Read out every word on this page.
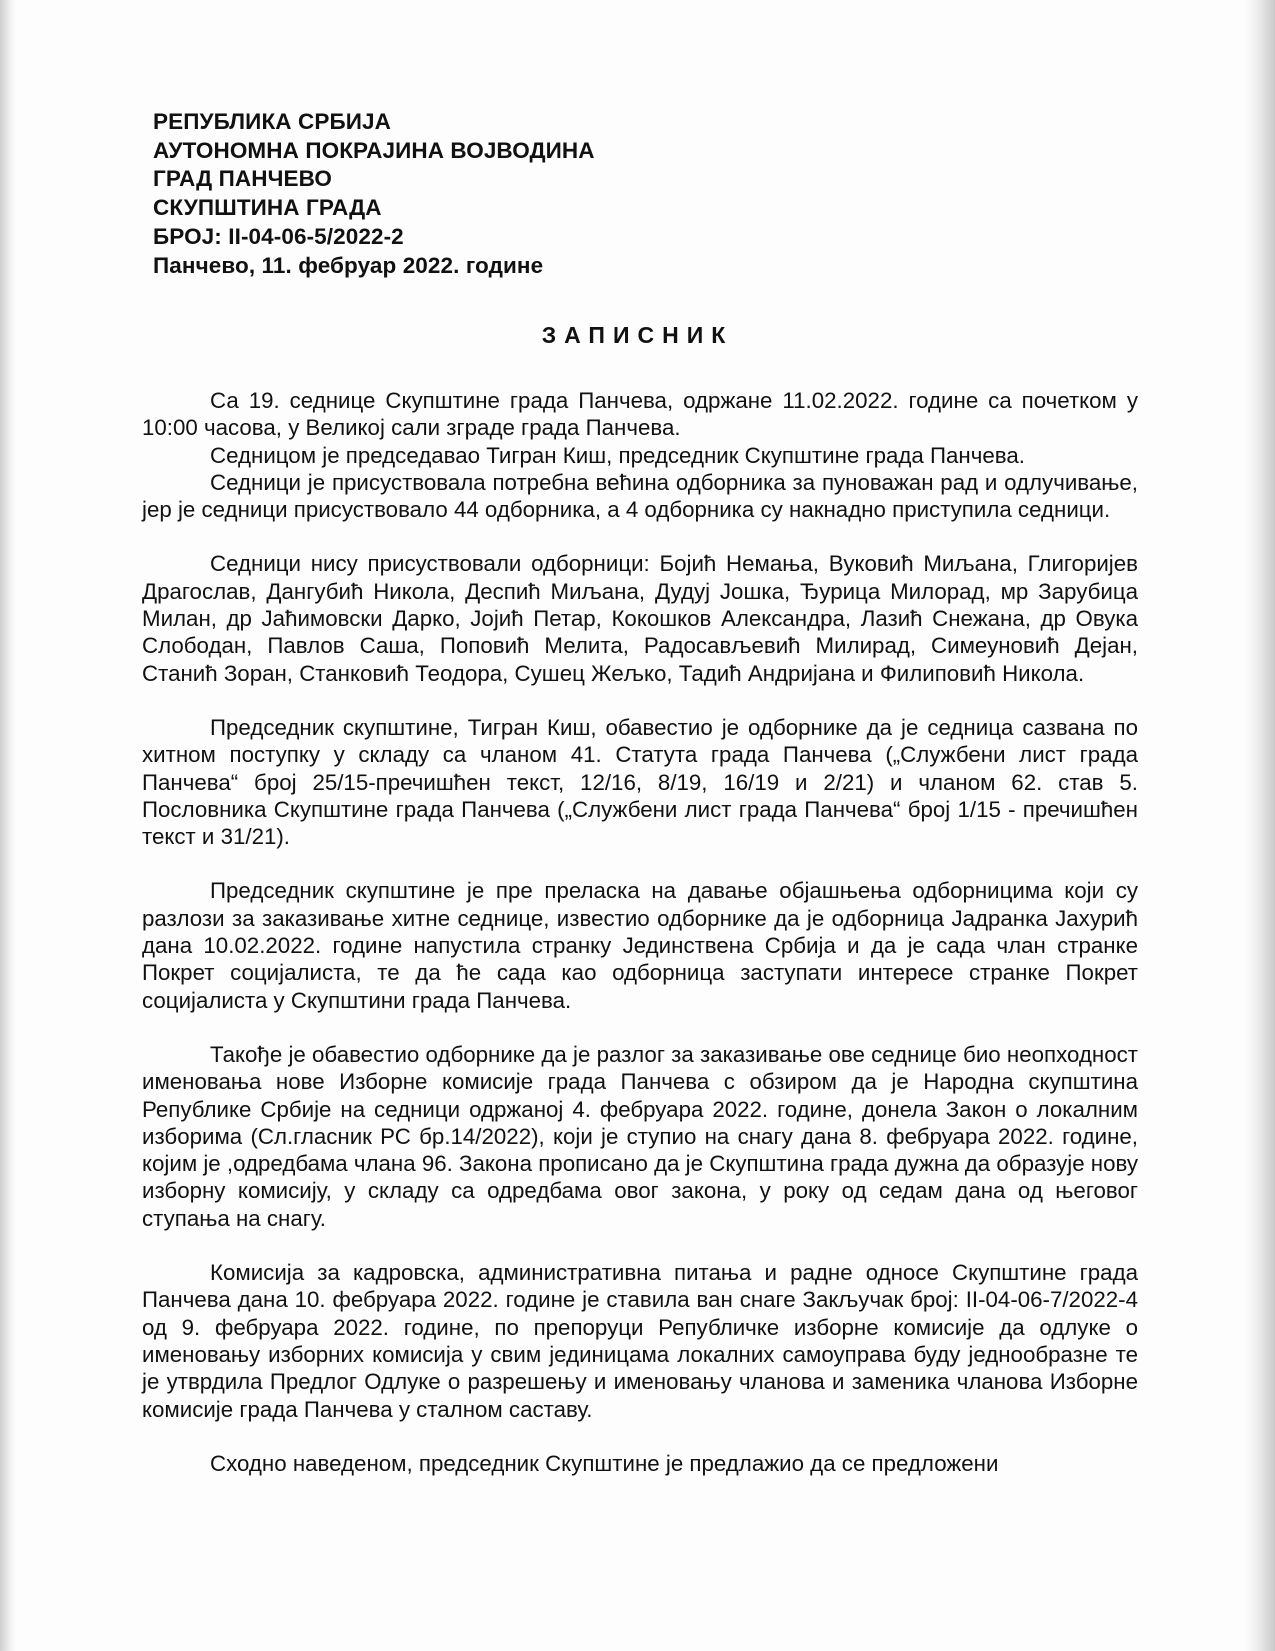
РЕПУБЛИКА СРБИЈА
АУТОНОМНА ПОКРАЈИНА ВОЈВОДИНА
ГРАД ПАНЧЕВО
СКУПШТИНА ГРАДА
БРОЈ: II-04-06-5/2022-2
Панчево, 11. фебруар 2022. године
ЗАПИСНИК

Са 19. седнице Скупштине града Панчева, одржане 11.02.2022. године са почетком у 10:00 часова, у Великој сали зграде града Панчева.

Седницом је председавао Тигран Киш, председник Скупштине града Панчева.

Седници је присуствовала потребна већина одборника за пуноважан рад и одлучивање, јер је седници присуствовало 44 одборника, а 4 одборника су накнадно приступила седници.

Седници нису присуствовали одборници: Бојић Немања, Вуковић Миљана, Глигоријев Драгослав, Дангубић Никола, Деспић Миљана, Дудуј Јошка, Ђурица Милорад, мр Зарубица Милан, др Јаћимовски Дарко, Јојић Петар, Кокошков Александра, Лазић Снежана, др Овука Слободан, Павлов Саша, Поповић Мелита, Радосављевић Милирад, Симеуновић Дејан, Станић Зоран, Станковић Теодора, Сушец Жељко, Тадић Андријана и Филиповић Никола.

Председник скупштине, Тигран Киш, обавестио је одборнике да је седница сазвана по хитном поступку у складу са чланом 41. Статута града Панчева („Службени лист града Панчева“ број 25/15-пречишћен текст, 12/16, 8/19, 16/19 и 2/21) и чланом 62. став 5. Пословника Скупштине града Панчева („Службени лист града Панчева“ број 1/15 - пречишћен текст и 31/21).

Председник скупштине је пре преласка на давање објашњења одборницима који су разлози за заказивање хитне седнице, известио одборнике да је одборница Јадранка Јахурић дана 10.02.2022. године напустила странку Јединствена Србија и да је сада члан странке Покрет социјалиста, те да ће сада као одборница заступати интересе странке Покрет социјалиста у Скупштини града Панчева.

Такође је обавестио одборнике да је разлог за заказивање ове седнице био неопходност именовања нове Изборне комисије града Панчева с обзиром да је Народна скупштина Републике Србије на седници одржаној 4. фебруара 2022. године, донела Закон о локалним изборима (Сл.гласник РС бр.14/2022), који је ступио на снагу дана 8. фебруара 2022. године, којим је ,одредбама члана 96. Закона прописано да је Скупштина града дужна да образује нову изборну комисију, у складу са одредбама овог закона, у року од седам дана од његовог ступања на снагу.

Комисија за кадровска, административна питања и радне односе Скупштине града Панчева дана 10. фебруара 2022. године је ставила ван снаге Закључак број: II-04-06-7/2022-4 од 9. фебруара 2022. године, по препоруци Републичке изборне комисије да одлуке о именовању изборних комисија у свим јединицама локалних самоуправа буду једнообразне те је утврдила Предлог Одлуке о разрешењу и именовању чланова и заменика чланова Изборне комисије града Панчева у сталном саставу.

Сходно наведеном, председник Скупштине је предлажио да се предложени
